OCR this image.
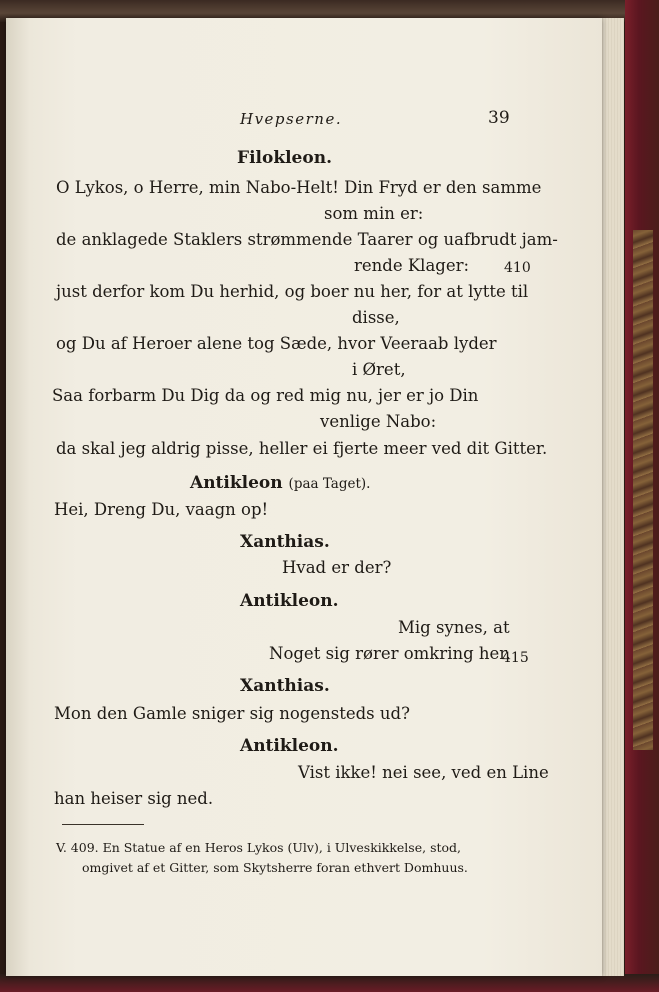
Hvepserne.	39
Filokleon.
O Lykos, o Herre, min Nabo-Helt! Din Fryd er den samme
som min er:
de anklagede Staklers strømmende Taarer og uafbrudt jam-
rende Klager: 410
just derfor kom Du herhid, og boer nu her, for at lytte til
disse,
og Du af Heroer alene tog Sæde, hvor Veeraab lyder
i Øret,
Saa forbarm Du Dig da og red mig nu, jer er jo Din
venlige Nabo:
da skal jeg aldrig pisse, heller ei fjerte meer ved dit Gitter.
Antikleon (paa Taget).
Hei, Dreng Du, vaagn op!
Xanthias.
Hvad er der?
Antikleon.
Mig synes, at
Noget sig rører omkring her.
415
Xanthias.
Mon den Gamle sniger sig nogensteds ud?
Antikleon.
Vist ikke! nei see, ved en Line
han heiser sig ned.
V. 409. En Statue af en Heros Lykos (Ulv), i Ulveskikkelse, stod,
omgivet af et Gitter, som Skytsherre foran ethvert Domhuus.
